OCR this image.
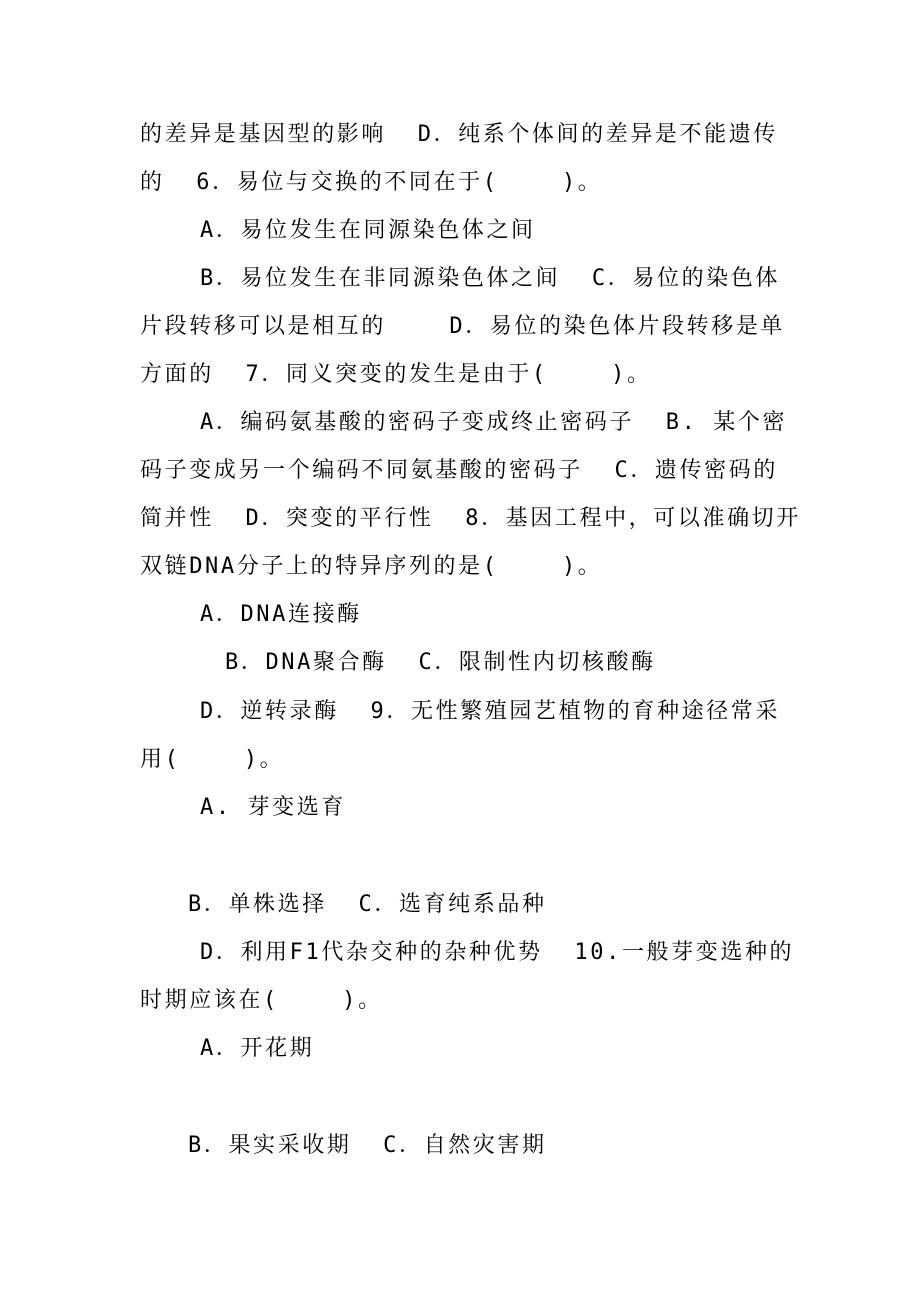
的差异是基因型的影响  D．纯系个体间的差异是不能遗传
的  6．易位与交换的不同在于(    )。
A．易位发生在同源染色体之间
B．易位发生在非同源染色体之间  C．易位的染色体
片段转移可以是相互的    D．易位的染色体片段转移是单
方面的  7．同义突变的发生是由于(    )。
A．编码氨基酸的密码子变成终止密码子  B. 某个密
码子变成另一个编码不同氨基酸的密码子  C．遗传密码的
简并性  D．突变的平行性  8．基因工程中，可以准确切开
双链DNA分子上的特异序列的是(    )。
A．DNA连接酶
B．DNA聚合酶  C．限制性内切核酸酶
D．逆转录酶  9．无性繁殖园艺植物的育种途径常采
用(    )。
A. 芽变选育
B．单株选择  C．选育纯系品种
D．利用F1代杂交种的杂种优势  10.一般芽变选种的
时期应该在(    )。
A．开花期
B．果实采收期  C．自然灾害期
